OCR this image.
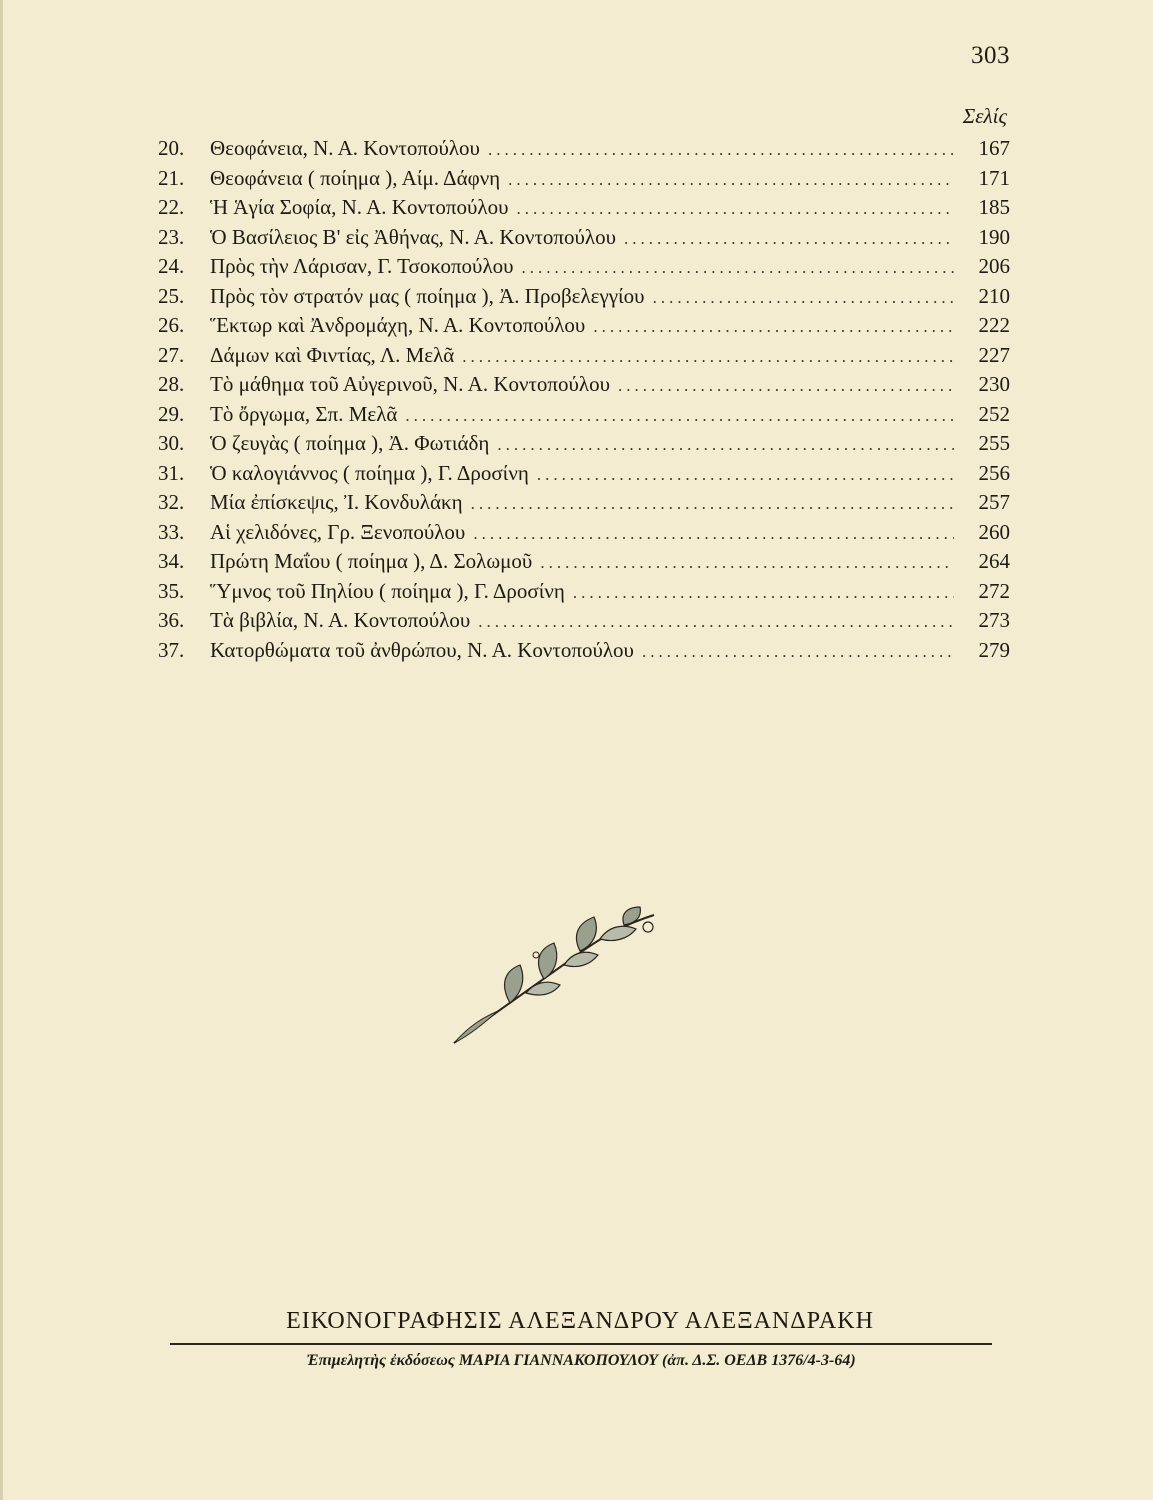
303
Σελίς
20.	Θεοφάνεια, Ν. Α. Κοντοπούλου .....	167
21.	Θεοφάνεια ( ποίημα ), Αίμ. Δάφνη .....	171
22.	Ἡ Ἁγία Σοφία, Ν. Α. Κοντοπούλου .....	185
23.	Ὁ Βασίλειος Β' εἰς Ἀθήνας, Ν. Α. Κοντοπούλου .....	190
24.	Πρὸς τὴν Λάρισαν, Γ. Τσοκοπούλου .....	206
25.	Πρὸς τὸν στρατόν μας ( ποίημα ), Ἀ. Προβελεγγίου .....	210
26.	Ἕκτωρ καὶ Ἀνδρομάχη, Ν. Α. Κοντοπούλου .....	222
27.	Δάμων καὶ Φιντίας, Λ. Μελᾶ .....	227
28.	Τὸ μάθημα τοῦ Αὐγερινοῦ, Ν. Α. Κοντοπούλου .....	230
29.	Τὸ ὄργωμα, Σπ. Μελᾶ .....	252
30.	Ὁ ζευγὰς ( ποίημα ), Ἀ. Φωτιάδη .....	255
31.	Ὁ καλογιάννος ( ποίημα ), Γ. Δροσίνη .....	256
32.	Μία ἐπίσκεψις, Ἰ. Κονδυλάκη .....	257
33.	Αἱ χελιδόνες, Γρ. Ξενοπούλου .....	260
34.	Πρώτη Μαΐου ( ποίημα ), Δ. Σολωμοῦ .....	264
35.	Ὕμνος τοῦ Πηλίου ( ποίημα ), Γ. Δροσίνη .....	272
36.	Τὰ βιβλία, Ν. Α. Κοντοπούλου .....	273
37.	Κατορθώματα τοῦ ἀνθρώπου, Ν. Α. Κοντοπούλου .....	279
ΕΙΚΟΝΟΓΡΑΦΗΣΙΣ ΑΛΕΞΑΝΔΡΟΥ ΑΛΕΞΑΝΔΡΑΚΗ
Ἐπιμελητὴς ἐκδόσεως ΜΑΡΙΑ ΓΙΑΝΝΑΚΟΠΟΥΛΟΥ (ἀπ. Δ.Σ. ΟΕΔΒ 1376/4-3-64)
